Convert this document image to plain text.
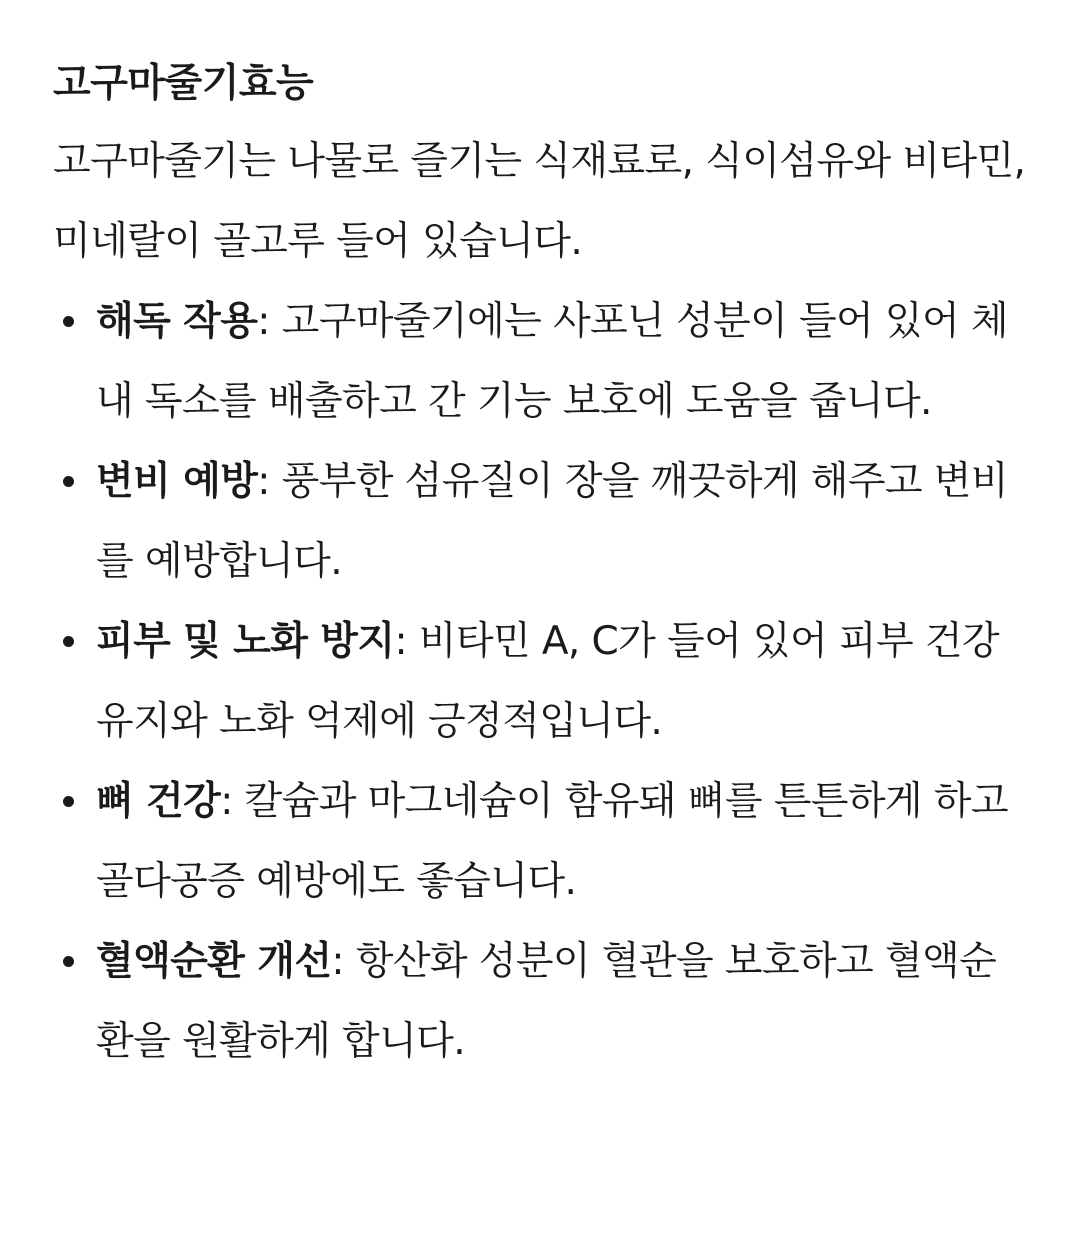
고구마줄기효능

고구마줄기는 나물로 즐기는 식재료로, 식이섬유와 비타민, 미네랄이 골고루 들어 있습니다.

해독 작용: 고구마줄기에는 사포닌 성분이 들어 있어 체내 독소를 배출하고 간 기능 보호에 도움을 줍니다.
변비 예방: 풍부한 섬유질이 장을 깨끗하게 해주고 변비를 예방합니다.
피부 및 노화 방지: 비타민 A, C가 들어 있어 피부 건강 유지와 노화 억제에 긍정적입니다.
뼈 건강: 칼슘과 마그네슘이 함유돼 뼈를 튼튼하게 하고 골다공증 예방에도 좋습니다.
혈액순환 개선: 항산화 성분이 혈관을 보호하고 혈액순환을 원활하게 합니다.
